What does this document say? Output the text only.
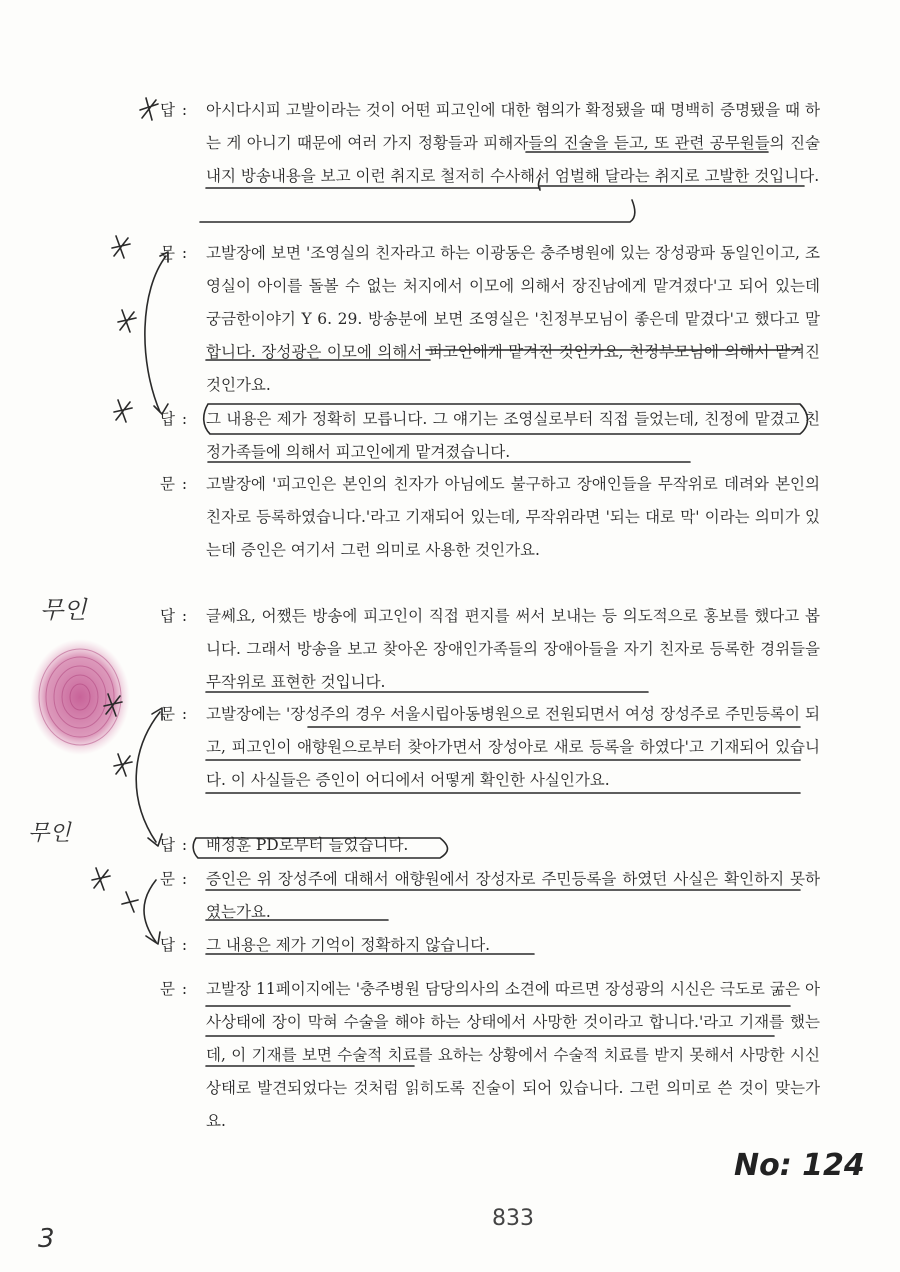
답 :	아시다시피 고발이라는 것이 어떤 피고인에 대한 혐의가 확정됐을 때 명백히 증명됐을 때 하는 게 아니기 때문에 여러 가지 정황들과 피해자들의 진술을 듣고, 또 관련 공무원들의 진술 내지 방송내용을 보고 이런 취지로 철저히 수사해서 엄벌해 달라는 취지로 고발한 것입니다.
문 :	고발장에 보면 '조영실의 친자라고 하는 이광동은 충주병원에 있는 장성광파 동일인이고, 조영실이 아이를 돌볼 수 없는 처지에서 이모에 의해서 장진남에게 맡겨졌다'고 되어 있는데 궁금한이야기 Y 6. 29. 방송분에 보면 조영실은 '친정부모님이 좋은데 맡겼다'고 했다고 말합니다. 장성광은 이모에 의해서 피고인에게 맡겨진 것인가요, 친정부모님에 의해서 맡겨진 것인가요.
답 :	그 내용은 제가 정확히 모릅니다. 그 얘기는 조영실로부터 직접 들었는데, 친정에 맡겼고 친정가족들에 의해서 피고인에게 맡겨졌습니다.
문 :	고발장에 '피고인은 본인의 친자가 아님에도 불구하고 장애인들을 무작위로 데려와 본인의 친자로 등록하였습니다.'라고 기재되어 있는데, 무작위라면 '되는 대로 막' 이라는 의미가 있는데 증인은 여기서 그런 의미로 사용한 것인가요.
답 :	글쎄요, 어쨌든 방송에 피고인이 직접 편지를 써서 보내는 등 의도적으로 홍보를 했다고 봅니다. 그래서 방송을 보고 찾아온 장애인가족들의 장애아들을 자기 친자로 등록한 경위들을 무작위로 표현한 것입니다.
문 :	고발장에는 '장성주의 경우 서울시립아동병원으로 전원되면서 여성 장성주로 주민등록이 되고, 피고인이 애향원으로부터 찾아가면서 장성아로 새로 등록을 하였다'고 기재되어 있습니다. 이 사실들은 증인이 어디에서 어떻게 확인한 사실인가요.
답 :	배정훈 PD로부터 들었습니다.
문 :	증인은 위 장성주에 대해서 애향원에서 장성자로 주민등록을 하였던 사실은 확인하지 못하였는가요.
답 :	그 내용은 제가 기억이 정확하지 않습니다.
문 :	고발장 11페이지에는 '충주병원 담당의사의 소견에 따르면 장성광의 시신은 극도로 굶은 아사상태에 장이 막혀 수술을 해야 하는 상태에서 사망한 것이라고 합니다.'라고 기재를 했는데, 이 기재를 보면 수술적 치료를 요하는 상황에서 수술적 치료를 받지 못해서 사망한 시신상태로 발견되었다는 것처럼 읽히도록 진술이 되어 있습니다. 그런 의미로 쓴 것이 맞는가요.
무인
무인
No: 124
833
3
